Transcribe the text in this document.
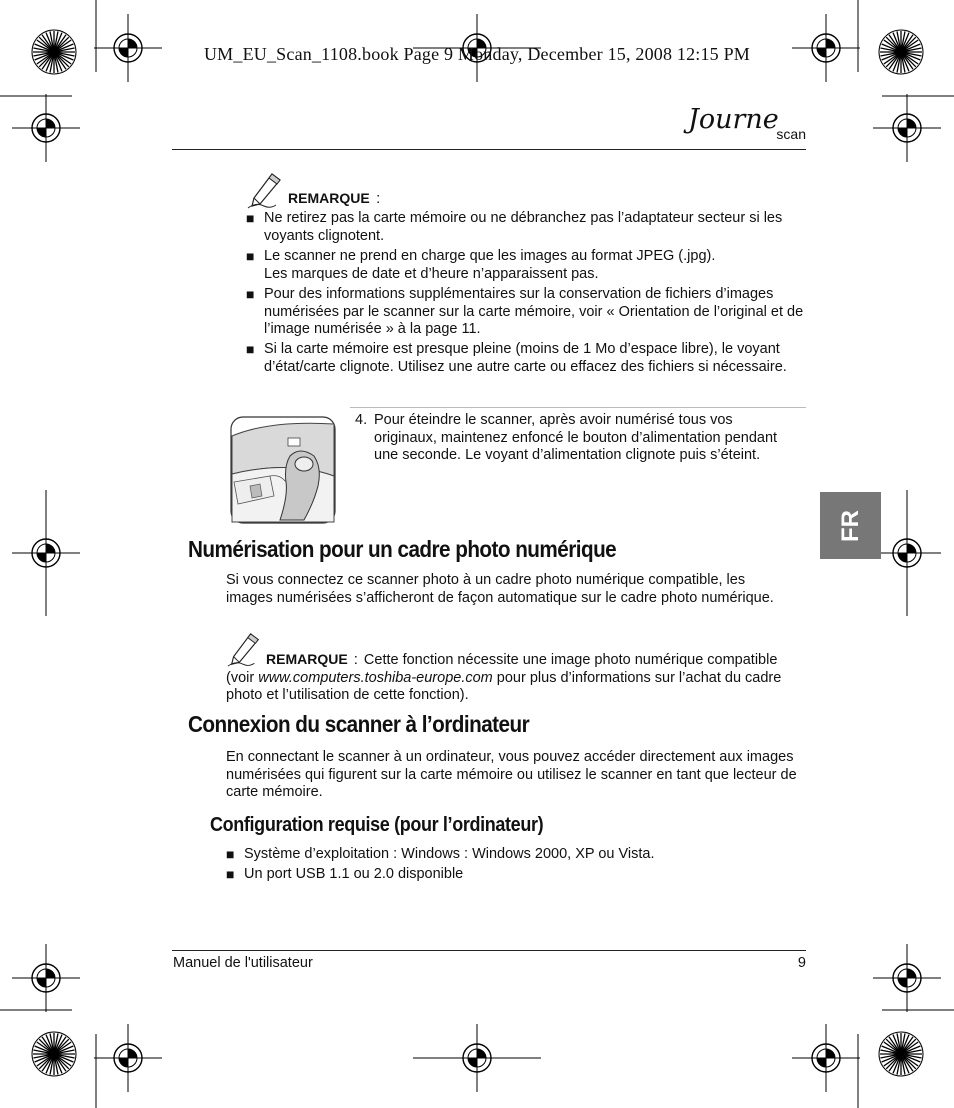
UM_EU_Scan_1108.book Page 9 Monday, December 15, 2008 12:15 PM
Journe
scan
REMARQUE :
■ Ne retirez pas la carte mémoire ou ne débranchez pas l’adaptateur secteur si les voyants clignotent.
■ Le scanner ne prend en charge que les images au format JPEG (.jpg).
Les marques de date et d’heure n’apparaissent pas.
■ Pour des informations supplémentaires sur la conservation de fichiers d’images numérisées par le scanner sur la carte mémoire, voir « Orientation de l’original et de l’image numérisée » à la page 11.
■ Si la carte mémoire est presque pleine (moins de 1 Mo d’espace libre), le voyant d’état/carte clignote. Utilisez une autre carte ou effacez des fichiers si nécessaire.
4. Pour éteindre le scanner, après avoir numérisé tous vos originaux, maintenez enfoncé le bouton d’alimentation pendant une seconde. Le voyant d’alimentation clignote puis s’éteint.
Numérisation pour un cadre photo numérique
Si vous connectez ce scanner photo à un cadre photo numérique compatible, les images numérisées s’afficheront de façon automatique sur le cadre photo numérique.
REMARQUE : Cette fonction nécessite une image photo numérique compatible (voir www.computers.toshiba-europe.com pour plus d’informations sur l’achat du cadre photo et l’utilisation de cette fonction).
Connexion du scanner à l’ordinateur
En connectant le scanner à un ordinateur, vous pouvez accéder directement aux images numérisées qui figurent sur la carte mémoire ou utilisez le scanner en tant que lecteur de carte mémoire.
Configuration requise (pour l’ordinateur)
■ Système d’exploitation : Windows : Windows 2000, XP ou Vista.
■ Un port USB 1.1 ou 2.0 disponible
FR
Manuel de l'utilisateur	9
